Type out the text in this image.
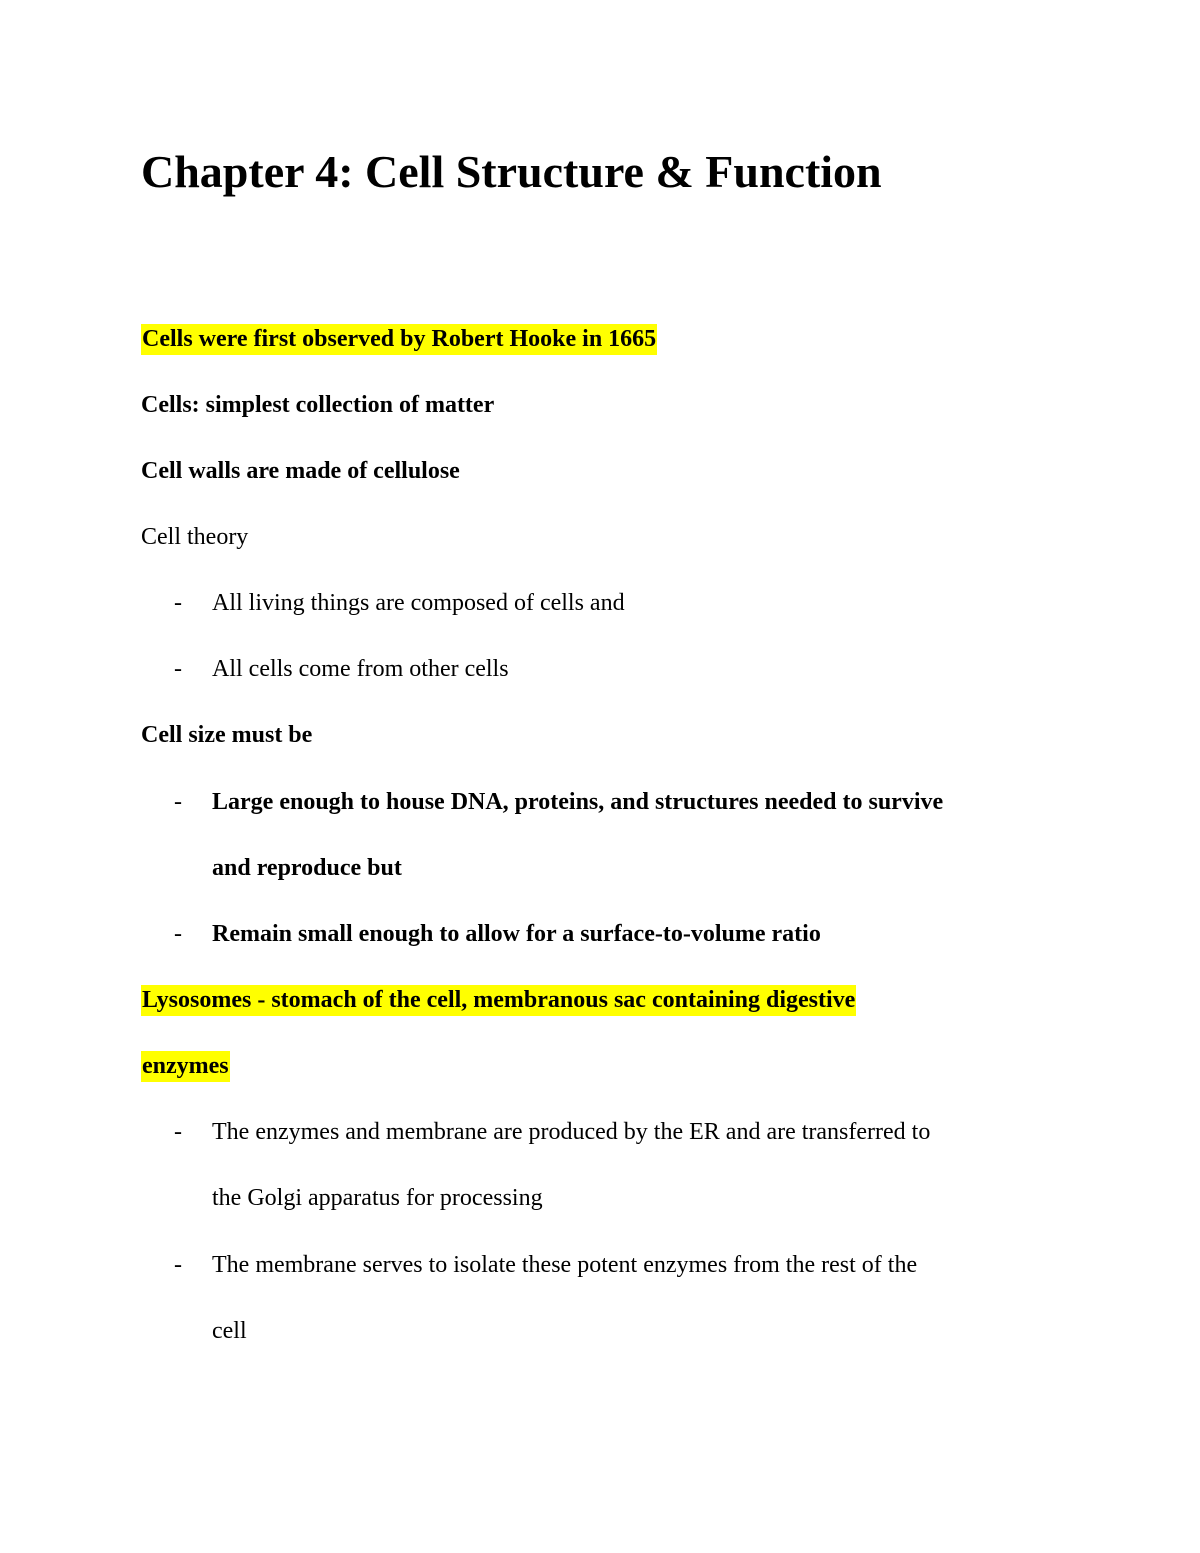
Chapter 4: Cell Structure & Function
Cells were first observed by Robert Hooke in 1665
Cells: simplest collection of matter
Cell walls are made of cellulose
Cell theory
- All living things are composed of cells and
- All cells come from other cells
Cell size must be
- Large enough to house DNA, proteins, and structures needed to survive
and reproduce but
- Remain small enough to allow for a surface-to-volume ratio
Lysosomes - stomach of the cell, membranous sac containing digestive
enzymes
- The enzymes and membrane are produced by the ER and are transferred to
the Golgi apparatus for processing
- The membrane serves to isolate these potent enzymes from the rest of the
cell
